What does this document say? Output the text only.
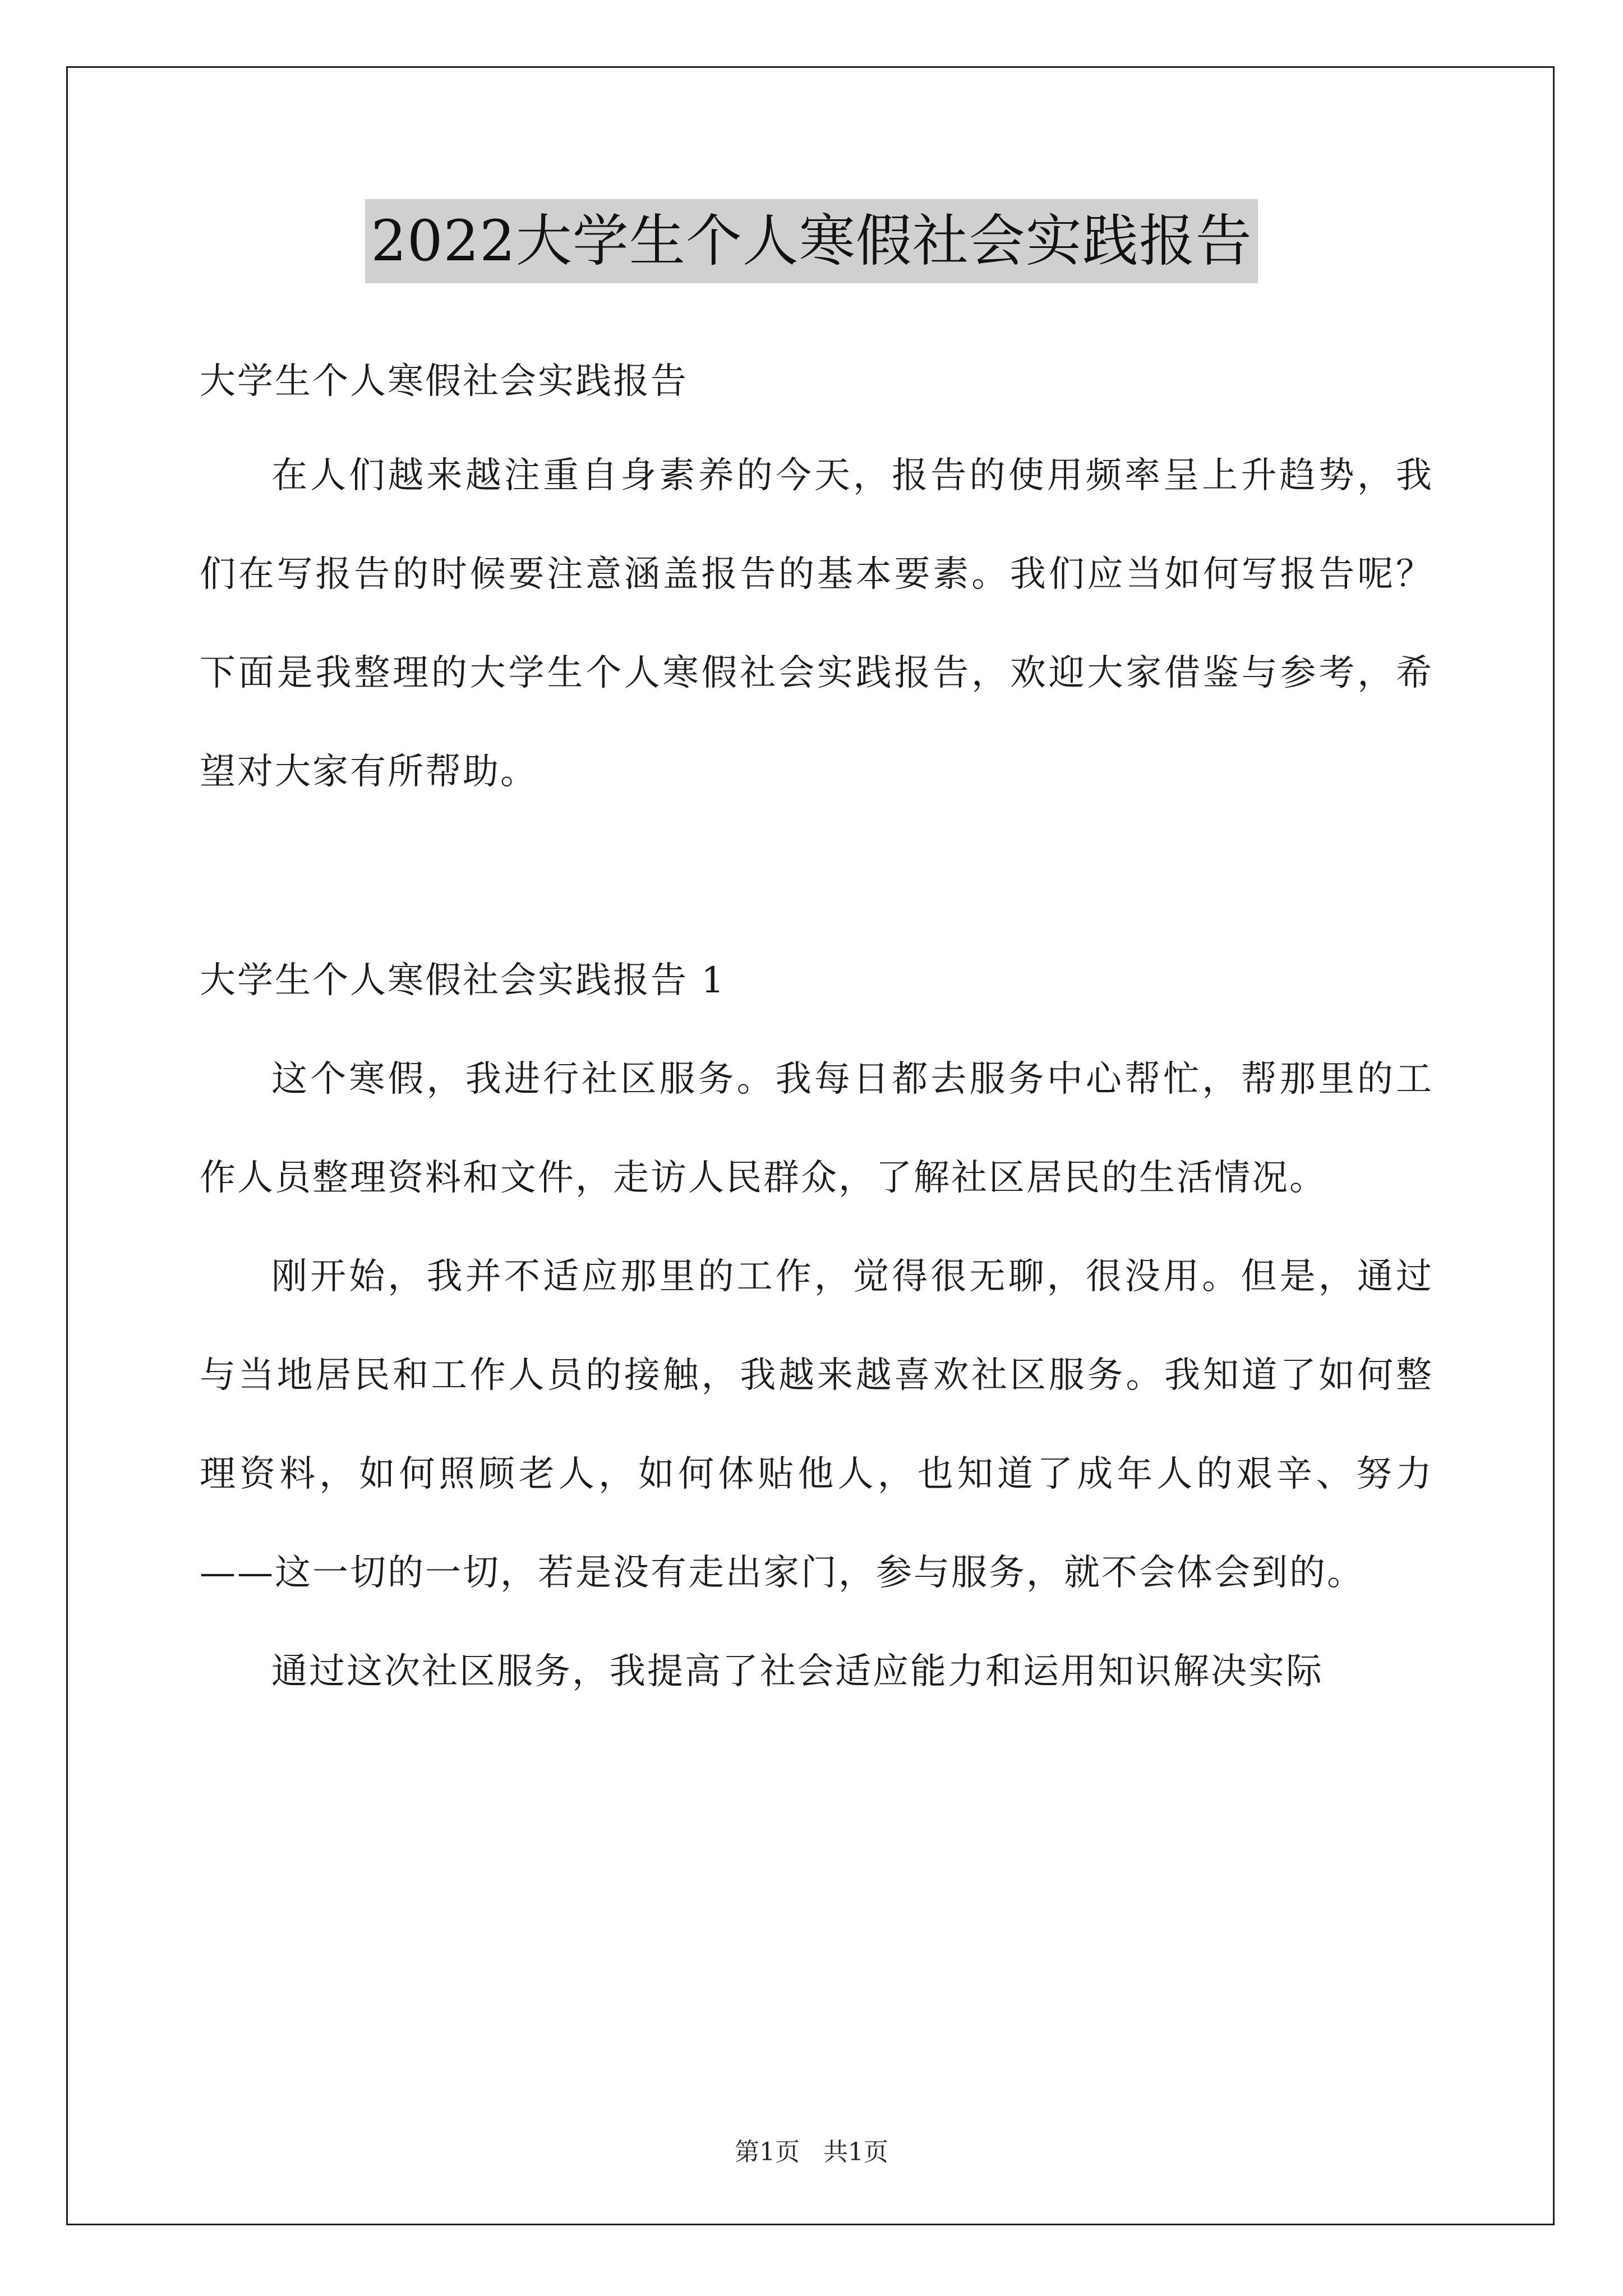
2022大学生个人寒假社会实践报告

大学生个人寒假社会实践报告

在人们越来越注重自身素养的今天，报告的使用频率呈上升趋势，我们在写报告的时候要注意涵盖报告的基本要素。我们应当如何写报告呢？下面是我整理的大学生个人寒假社会实践报告，欢迎大家借鉴与参考，希望对大家有所帮助。

大学生个人寒假社会实践报告 1

这个寒假，我进行社区服务。我每日都去服务中心帮忙，帮那里的工作人员整理资料和文件，走访人民群众，了解社区居民的生活情况。

刚开始，我并不适应那里的工作，觉得很无聊，很没用。但是，通过与当地居民和工作人员的接触，我越来越喜欢社区服务。我知道了如何整理资料，如何照顾老人，如何体贴他人，也知道了成年人的艰辛、努力——这一切的一切，若是没有走出家门，参与服务，就不会体会到的。

通过这次社区服务，我提高了社会适应能力和运用知识解决实际

第1页   共1页
